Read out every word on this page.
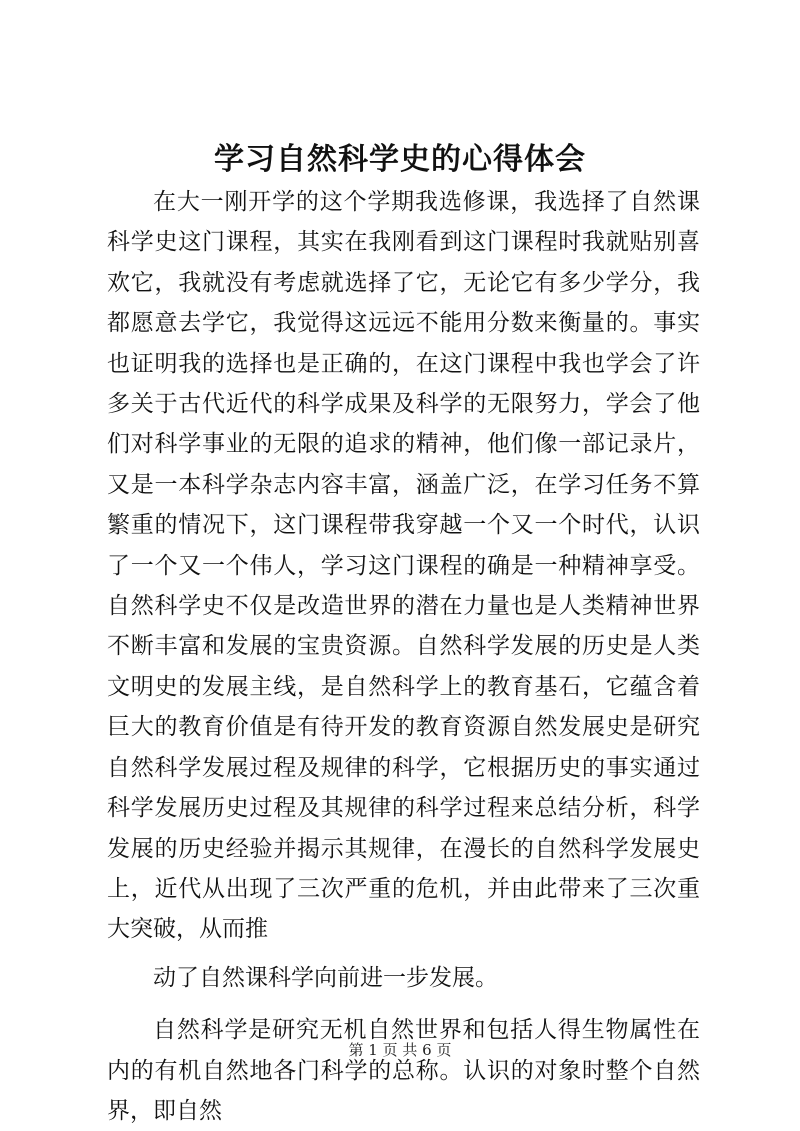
学习自然科学史的心得体会

在大一刚开学的这个学期我选修课，我选择了自然课科学史这门课程，其实在我刚看到这门课程时我就贴别喜欢它，我就没有考虑就选择了它，无论它有多少学分，我都愿意去学它，我觉得这远远不能用分数来衡量的。事实也证明我的选择也是正确的，在这门课程中我也学会了许多关于古代近代的科学成果及科学的无限努力，学会了他们对科学事业的无限的追求的精神，他们像一部记录片，又是一本科学杂志内容丰富，涵盖广泛，在学习任务不算繁重的情况下，这门课程带我穿越一个又一个时代，认识了一个又一个伟人，学习这门课程的确是一种精神享受。自然科学史不仅是改造世界的潜在力量也是人类精神世界不断丰富和发展的宝贵资源。自然科学发展的历史是人类文明史的发展主线，是自然科学上的教育基石，它蕴含着巨大的教育价值是有待开发的教育资源自然发展史是研究自然科学发展过程及规律的科学，它根据历史的事实通过科学发展历史过程及其规律的科学过程来总结分析，科学发展的历史经验并揭示其规律，在漫长的自然科学发展史上，近代从出现了三次严重的危机，并由此带来了三次重大突破，从而推

动了自然课科学向前进一步发展。

自然科学是研究无机自然世界和包括人得生物属性在内的有机自然地各门科学的总称。认识的对象时整个自然界，即自然

第 1 页 共 6 页
